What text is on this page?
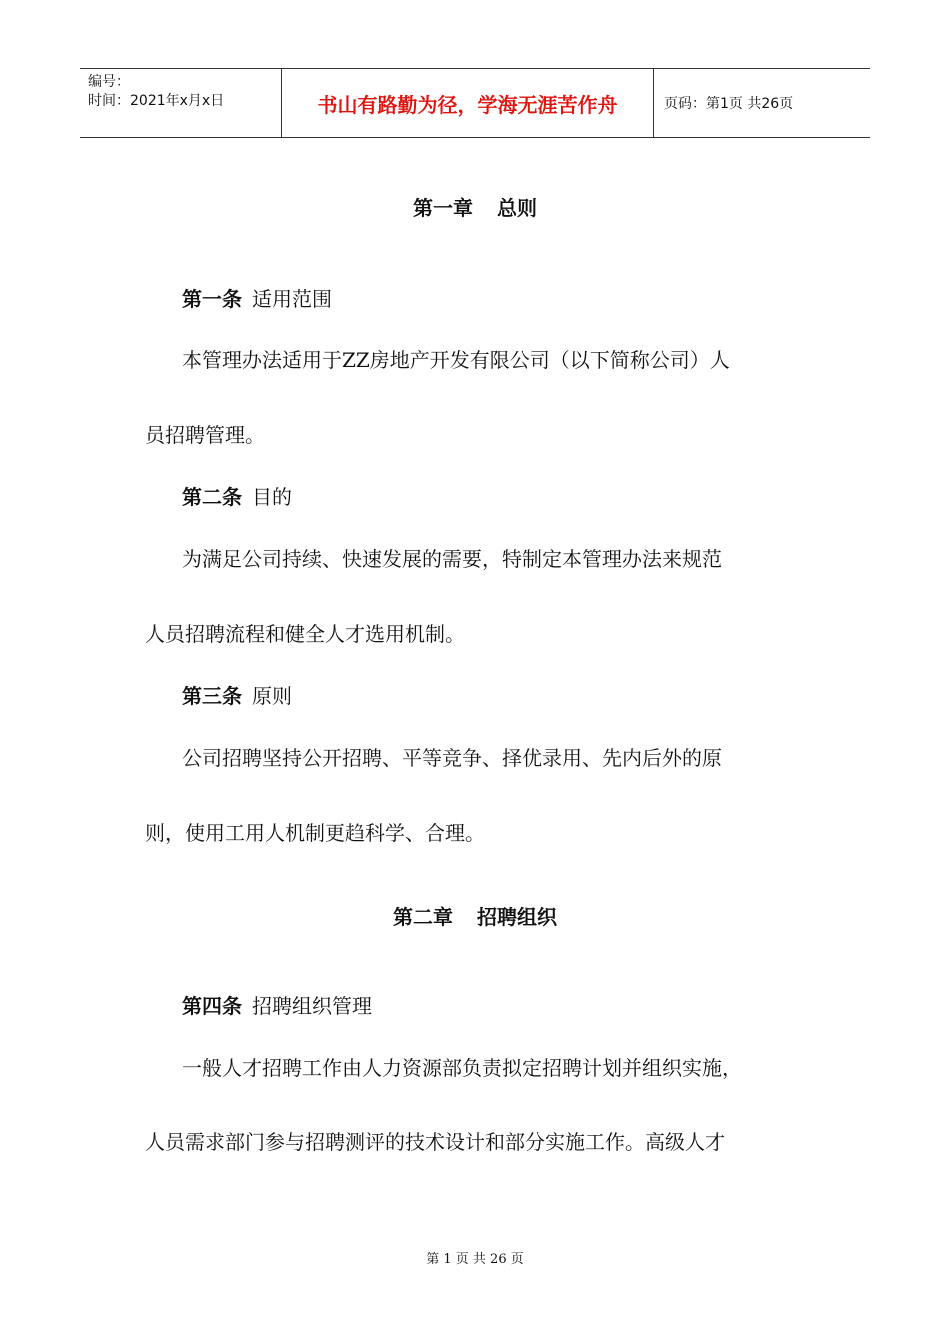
编号：
时间：2021年x月x日	书山有路勤为径，学海无涯苦作舟	页码：第1页 共26页
第一章 总则
第一条 适用范围
本管理办法适用于ZZ房地产开发有限公司（以下简称公司）人
员招聘管理。
第二条 目的
为满足公司持续、快速发展的需要，特制定本管理办法来规范
人员招聘流程和健全人才选用机制。
第三条 原则
公司招聘坚持公开招聘、平等竞争、择优录用、先内后外的原
则，使用工用人机制更趋科学、合理。
第二章 招聘组织
第四条 招聘组织管理
一般人才招聘工作由人力资源部负责拟定招聘计划并组织实施，
人员需求部门参与招聘测评的技术设计和部分实施工作。高级人才
第 1 页 共 26 页
